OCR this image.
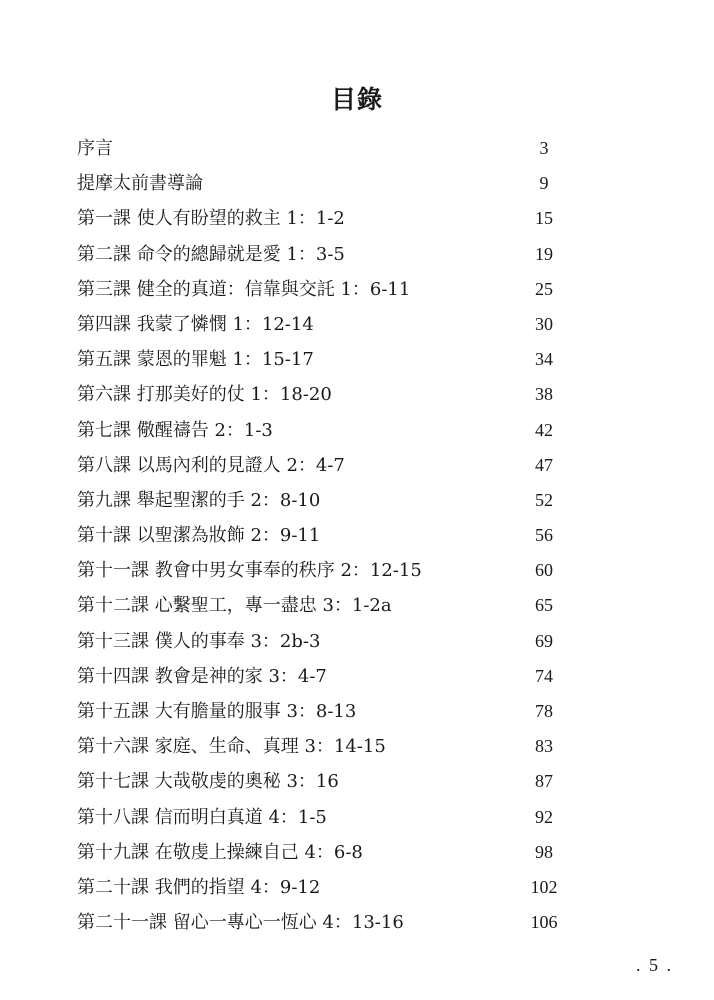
目錄
序言	3
提摩太前書導論	9
第一課 使人有盼望的救主 1：1-2	15
第二課 命令的總歸就是愛 1：3-5	19
第三課 健全的真道：信靠與交託 1：6-11	25
第四課 我蒙了憐憫 1：12-14	30
第五課 蒙恩的罪魁 1：15-17	34
第六課 打那美好的仗 1：18-20	38
第七課 儆醒禱告 2：1-3	42
第八課 以馬內利的見證人 2：4-7	47
第九課 舉起聖潔的手 2：8-10	52
第十課 以聖潔為妝飾 2：9-11	56
第十一課 教會中男女事奉的秩序 2：12-15	60
第十二課 心繫聖工，專一盡忠 3：1-2a	65
第十三課 僕人的事奉 3：2b-3	69
第十四課 教會是神的家 3：4-7	74
第十五課 大有膽量的服事 3：8-13	78
第十六課 家庭、生命、真理 3：14-15	83
第十七課 大哉敬虔的奧秘 3：16	87
第十八課 信而明白真道 4：1-5	92
第十九課 在敬虔上操練自己 4：6-8	98
第二十課 我們的指望 4：9-12	102
第二十一課 留心一專心一恆心 4：13-16	106
. 5 .
